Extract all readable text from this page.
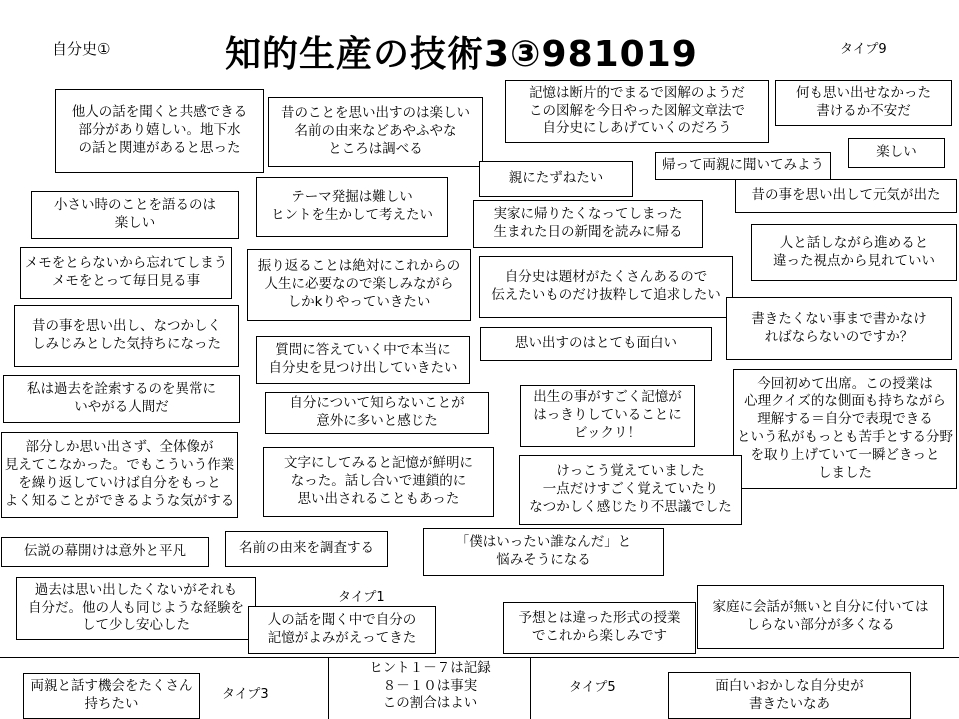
自分史①	知的生産の技術3③981019	タイプ9
他人の話を聞くと共感できる
部分があり嬉しい。地下水
の話と関連があると思った
昔のことを思い出すのは楽しい
名前の由来などあやふやな
ところは調べる
記憶は断片的でまるで図解のようだ
この図解を今日やった図解文章法で
自分史にしあげていくのだろう
何も思い出せなかった
書けるか不安だ
楽しい
帰って両親に聞いてみよう
親にたずねたい
昔の事を思い出して元気が出た
小さい時のことを語るのは
楽しい
テーマ発掘は難しい
ヒントを生かして考えたい	実家に帰りたくなってしまった
生まれた日の新聞を読みに帰る
人と話しながら進めると
違った視点から見れていい
メモをとらないから忘れてしまう
メモをとって毎日見る事
振り返ることは絶対にこれからの
人生に必要なので楽しみながら
しかkりやっていきたい
自分史は題材がたくさんあるので
伝えたいものだけ抜粋して追求したい
書きたくない事まで書かなけ
ればならないのですか？
昔の事を思い出し、なつかしく
しみじみとした気持ちになった	質問に答えていく中で本当に
自分史を見つけ出していきたい
思い出すのはとても面白い
私は過去を詮索するのを異常に
いやがる人間だ	自分について知らないことが
意外に多いと感じた
出生の事がすごく記憶が
はっきりしていることに
ビックリ！
今回初めて出席。この授業は
心理クイズ的な側面も持ちながら
理解する＝自分で表現できる
という私がもっとも苦手とする分野
を取り上げていて一瞬どきっと
しました
部分しか思い出さず、全体像が
見えてこなかった。でもこういう作業
を繰り返していけば自分をもっと
よく知ることができるような気がする
文字にしてみると記憶が鮮明に
なった。話し合いで連鎖的に
思い出されることもあった
けっこう覚えていました
一点だけすごく覚えていたり
なつかしく感じたり不思議でした
伝説の幕開けは意外と平凡	名前の由来を調査する	「僕はいったい誰なんだ」と
悩みそうになる
過去は思い出したくないがそれも
自分だ。他の人も同じような経験を
して少し安心した	人の話を聞く中で自分の
記憶がよみがえってきた
予想とは違った形式の授業
でこれから楽しみです
家庭に会話が無いと自分に付いては
しらない部分が多くなる
両親と話す機会をたくさん
持ちたい
面白いおかしな自分史が
書きたいなあ
タイプ1
タイプ3	タイプ5
ヒント１－７は記録
８－１０は事実
この割合はよい
